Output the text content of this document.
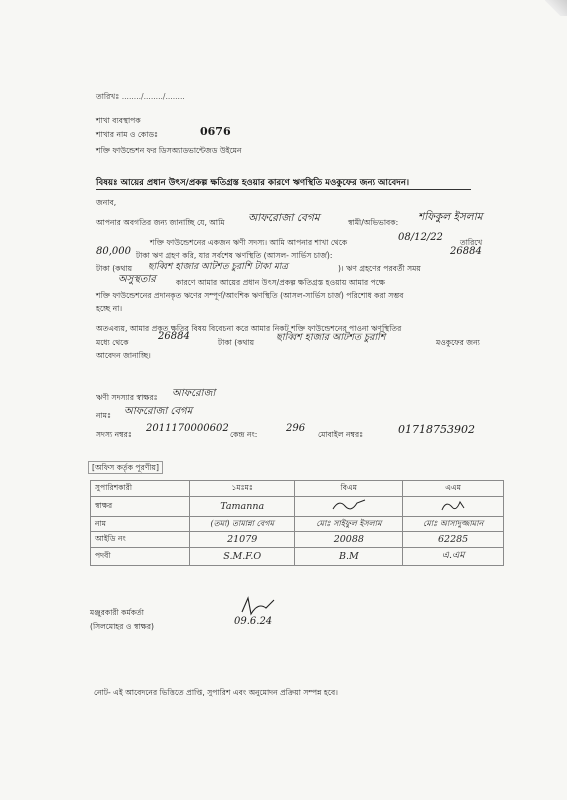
তারিখঃ ......../......../........
শাখা ব্যবস্থাপক
শাখার নাম ও কোডঃ	0676
শক্তি ফাউন্ডেশন ফর ডিসঅ্যাডভান্টেজড উইমেন
বিষয়ঃ আয়ের প্রধান উৎস/প্রকল্প ক্ষতিগ্রস্ত হওয়ার কারণে ঋণস্থিতি মওকুফের জন্য আবেদন।
জনাব,
আপনার অবগতির জন্য জানাচ্ছি যে, আমি আফরোজা বেগম	স্বামী/অভিভাবক: শফিকুল ইসলাম
শক্তি ফাউন্ডেশনের একজন ঋণী সদস্য। আমি আপনার শাখা থেকে	08/12/22 তারিখে
80,000 টাকা ঋণ গ্রহণ করি, যার সর্বশেষ ঋণস্থিতি (আসল- সার্ভিস চার্জ):	26884
টাকা (কথায় ছাব্বিশ হাজার আটশত চুরাশি টাকা মাত্র	)। ঋণ গ্রহণের পরবর্তী সময়
অসুস্থতার	কারণে আমার আয়ের প্রধান উৎস/প্রকল্প ক্ষতিগ্রস্ত হওয়ায় আমার পক্ষে
শক্তি ফাউন্ডেশনের প্রদানকৃত ঋণের সম্পূর্ণ/আংশিক ঋণস্থিতি (আসল-সার্ভিস চার্জ) পরিশোধ করা সম্ভব
হচ্ছে না।
অতএব্যয়, আমার প্রকৃত ক্ষতির বিষয় বিবেচনা করে আমার নিকট শক্তি ফাউন্ডেশনের পাওনা ঋণস্থিতির
মধ্যে থেকে
26884
টাকা (কথায় ছাব্বিশ হাজার আটশত চুরাশি	মওকুফের জন্য
আবেদন জানাচ্ছি।
ঋণী সদস্যার স্বাক্ষরঃ আফরোজা
নামঃ আফরোজা বেগম
সদস্য নম্বরঃ
2011170000602
কেন্দ্র নং:
296
মোবাইল নম্বরঃ	01718753902
[অফিস কর্তৃক পূরণীয়]
সুপারিশকারী	১মঃমঃ	বিএম	এএম
স্বাক্ষর	Tamanna		
নাম	(তমা) তামান্না বেগম	মোঃ সাইফুল ইসলাম	মোঃ আসাদুজ্জামান
আইডি নং	21079	20088	62285
পদবী	S.M.F.O	B.M	এ.এম
মঞ্জুরকারী কর্মকর্তা
(সিলমোহর ও স্বাক্ষর)	09.6.24
নোট- এই আবেদনের ভিত্তিতে প্রাপ্তি, সুপারিশ এবং অনুমোদন প্রক্রিয়া সম্পন্ন হবে।
